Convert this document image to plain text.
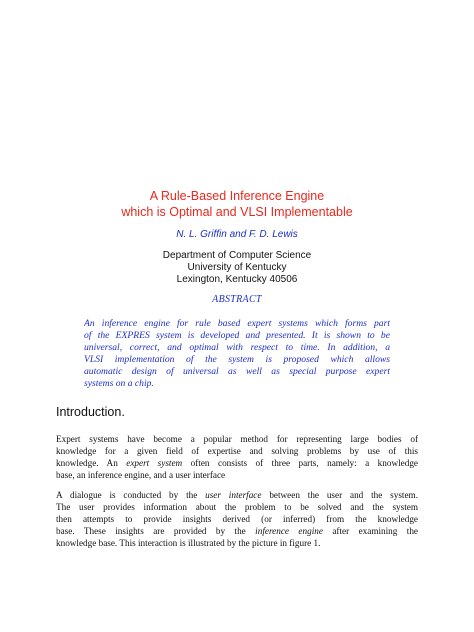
A Rule-Based Inference Engine
which is Optimal and VLSI Implementable
N. L. Griffin and F. D. Lewis
Department of Computer Science
University of Kentucky
Lexington, Kentucky 40506
ABSTRACT
An inference engine for rule based expert systems which forms part
of the EXPRES system is developed and presented. It is shown to be
universal, correct, and optimal with respect to time. In addition, a
VLSI implementation of the system is proposed which allows
automatic design of universal as well as special purpose expert
systems on a chip.
Introduction.
Expert systems have become a popular method for representing large bodies of
knowledge for a given field of expertise and solving problems by use of this
knowledge. An expert system often consists of three parts, namely: a knowledge
base, an inference engine, and a user interface
A dialogue is conducted by the user interface between the user and the system.
The user provides information about the problem to be solved and the system
then attempts to provide insights derived (or inferred) from the knowledge
base. These insights are provided by the inference engine after examining the
knowledge base. This interaction is illustrated by the picture in figure 1.
